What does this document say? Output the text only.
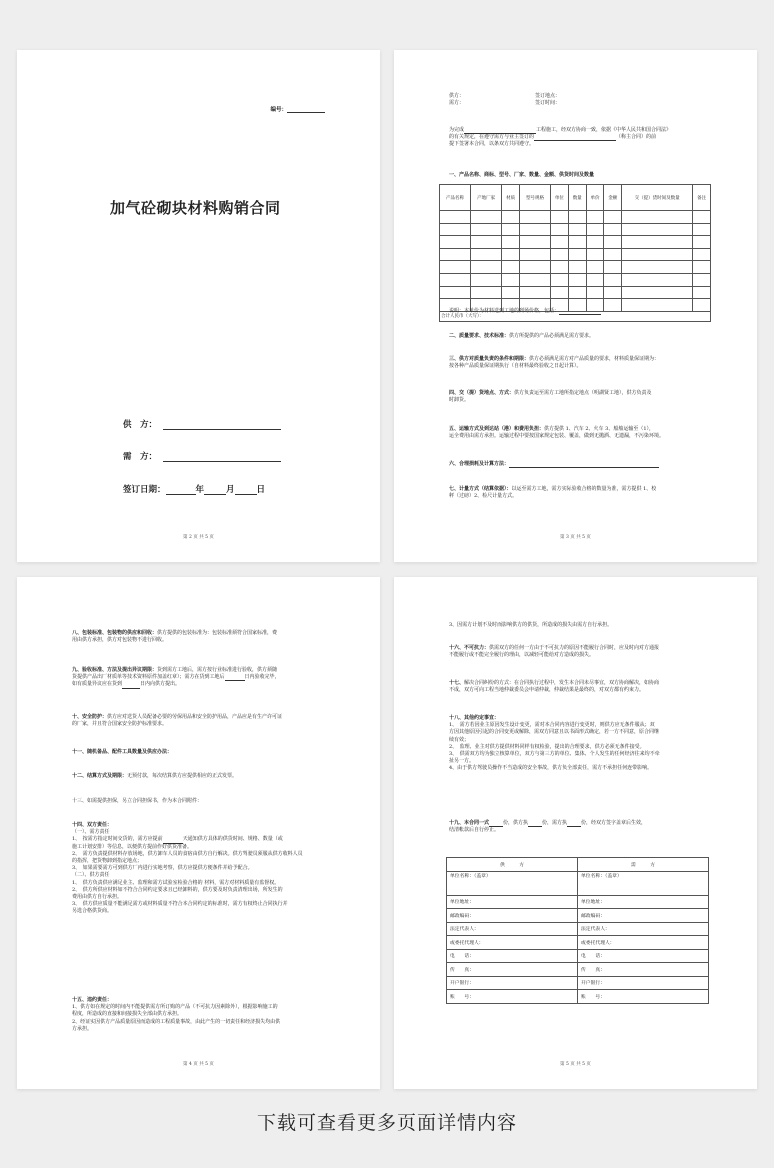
编号：
加气砼砌块材料购销合同
供　方：
需　方：
签订日期：	年	月	日
第 2 页 共 5 页
供方：	签订地点：
需方：	签订时间：
为完成	工程施工，经双方协商一致，依据《中华人民共和国合同法》
的有关规定，在遵守需方与业主签订的	（称主合同）的前
提下签署本合同，以条双方共同遵守。
一、产品名称、商标、型号、厂家、数量、金额、供货时间及数量
产品名称	产地厂家	材质	型号规格	单位	数量	单价	金额	交（提）货时间及数量	备注

合计人民币（大写）：									
说明：本单价为材料送到工地的到场价格，包括：
二、质量要求、技术标准：供方所提供的产品必须满足需方要求。
三、供方对质量负责的条件和期限：供方必须满足需方对产品质量的要求，材料质量保证期为：
按各种产品质量保证期执行（自材料最终验收之日起计算）。
四、交（提）货地点、方式：供方负责运至需方工地所指定地点（明湖贤工地），供方负责及
时卸货。
五、运输方式及到达站（港）和费用负担：供方提供 1、汽车 2、火车 3、船舶运输至（1），
运全费用由需方承担。运输过程中要按国家规定包装、覆盖，做到无抛洒、无遗漏，不污染环境。
六、合理损耗及计算方法：
七、计量方式（结算依据）：以运至需方工地，需方实际验收合格的数量为准，需方提供 1、校
秤（过磅）2、检尺计量方式。
第 3 页 共 5 页
八、包装标准、包装物的供应和回收：供方提供的包装标准为：包装标准须符合国家标准，费
用由供方承担，供方对包装物不进行回收。
九、验收标准、方法及提出异议期限：货到需方工地后，需方按行业标准进行验收，供方须随
货提供产品出厂材质单等技术资料原件加盖红章）；需方在货到工地后	日内验收完毕，
如有质量异议应在货到	日内向供方提出。
十、安全防护：供方应对送货人员配备必要的劳保用品和安全防护用品，产品应是有生产许可证
的厂家，并且符合国家安全防护标准要求。
十一、随机备品、配件工具数量及供应办法：
十二、结算方式及期限：无预付款，每次结算供方应提供相应的正式发票。
十三、如需提供担保，另立合同担保书，作为本合同附件：
十四、双方责任：
（一）、需方责任
1、　按需方指定时间交货的，需方应提前	天通知供方具体的供货时间、规格、数量（或
施工计划安排）等信息，以便供方提前作好供货准备。
2、　需方负责提供材料存放场地，供方卸车人员的食宿由供方自行解决。供方驾驶员须服从供方收料人员
的指挥，把货物卸到指定地点；
3、　如果需要需方可到供方厂内进行实地考察，供方应提供方便条件并给予配合。
（二）、供方责任
1、　供方负责供应满足业主、监理和需方试验室检验合格的 材料，需方对材料质量有监督权。
2、　供方所供应材料如不符合合同约定要求且已经卸料的，供方要及时负责清理出场，所发生的
费用由供方自行承担。
3、　供方供应质量不能满足需方或材料质量不符合本合同约定的标准时，需方有权终止合同执行并
另选合格供货商。
十五、违约责任：
1、供方如在规定的时间内不能提供需方所订购的产品（不可抗力因素除外），根据影响施工的
程度，所造成的直接和间接损失全部由供方承担。
2、经证实因供方产品质量原因而造成的工程质量事故，由此产生的一切责任和经济损失均由供
方承担。
第 4 页 共 5 页
3、因需方计划不及时而影响供方的供货，所造成的损失由需方自行承担。
十六、不可抗力：供需双方的任何一方由于不可抗力的原因不能履行合同时，应及时向对方通报
不能履行或不能完全履行的理由，以减轻可能给对方造成的损失。
十七、解决合同纠纷的方式：在合同执行过程中，发生本合同未尽事宜，双方协商解决，如协商
不成，双方可向工程当地仲裁委员会申请仲裁，仲裁结果是最终的，对双方都有约束力。
十八、其他约定事宜：
1、　需方若因业主原因发生设计变更，需对本合同内容进行变更时，则供方应无条件服从；双
方因其他原因引起的合同变更或解除，需双方同意且以书面形式确定，若一方不同意，原合同继
续有效；
2、　监理、业主对供方提供材料同样有权检验，提出的合理要求，供方必须无条件接受。
3、　供需双方均为独立核算单位，双方与第三方的单位、集体、个人发生的任何经济往来均不牵
扯另一方。
4、由于供方驾驶员操作不当造成的安全事故，供方负全部责任，需方不承担任何连带影响。
十九、本合同一式	份，供方执	份，需方执	份，经双方签字盖章后生效，
结清帐款后自行停止。
供　　　方	需　　　方
单位名称：（盖章）	单位名称：（盖章）
单位地址：	单位地址：
邮政编码：	邮政编码：
法定代表人：	法定代表人：
或委托代理人：	或委托代理人：
电　　话：	电　　话：
传　　真：	传　　真：
开户银行：	开户银行：
账　　号：	账　　号：
第 5 页 共 5 页
下载可查看更多页面详情内容
